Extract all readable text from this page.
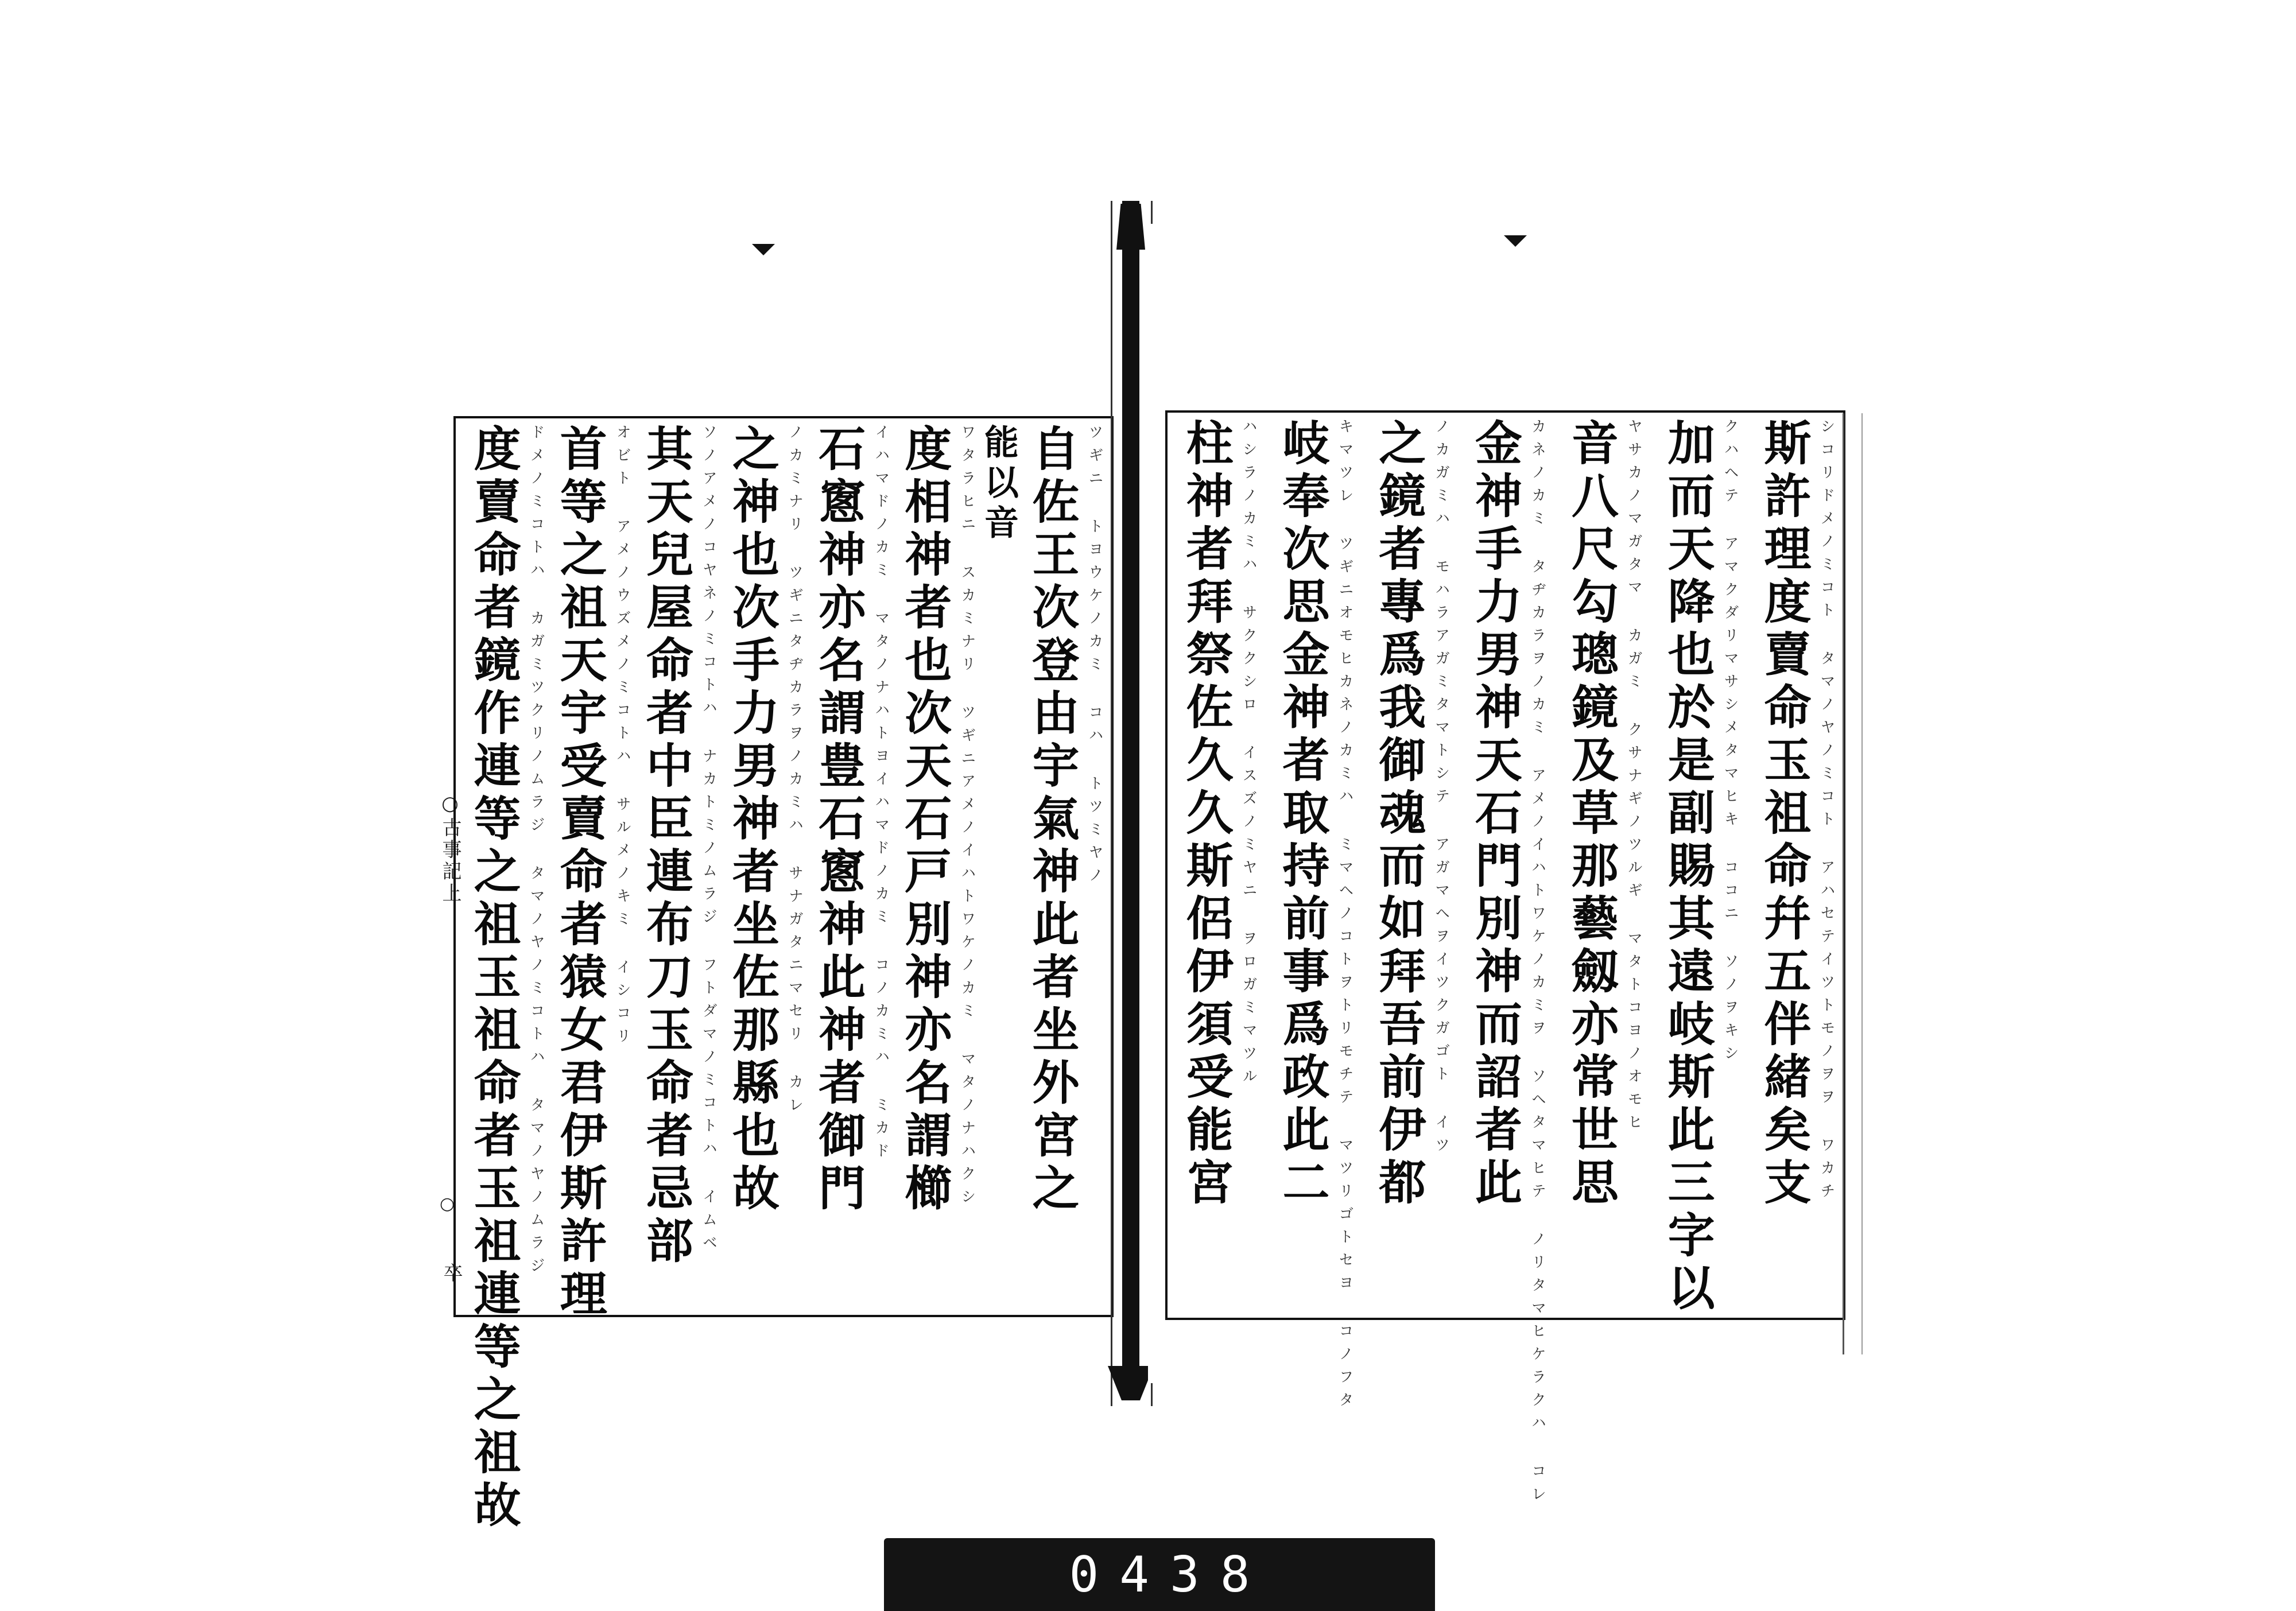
○古事記上
○
卒
ツギニ トヨウケノカミ コハ トツミヤノ
自佐王次登由宇氣神此者坐外宮之
能以音
ワタラヒニ スカミナリ ツギニアメノイハトワケノカミ マタノナハクシ
度相神者也次天石戸別神亦名謂櫛
イハマドノカミ マタノナハトヨイハマドノカミ コノカミハ ミカド
石窻神亦名謂豊石窻神此神者御門
ノカミナリ ツギニタヂカラヲノカミハ サナガタニマセリ カレ
之神也次手力男神者坐佐那縣也故
ソノアメノコヤネノミコトハ ナカトミノムラジ フトダマノミコトハ イムベ
其天兒屋命者中臣連布刀玉命者忌部
オビト アメノウズメノミコトハ サルメノキミ イシコリ
首等之祖天宇受賣命者猿女君伊斯許理
ドメノミコトハ カガミツクリノムラジ タマノヤノミコトハ タマノヤノムラジ
度賣命者鏡作連等之祖玉祖命者玉祖連等之祖故	シコリドメノミコト タマノヤノミコト アハセテイツトモノヲヲ ワカチ
斯許理度賣命玉祖命幷五伴緒矣支
クハヘテ アマクダリマサシメタマヒキ ココニ ソノヲキシ
加而天降也於是副賜其遠岐斯此三字以
ヤサカノマガタマ カガミ クサナギノツルギ マタトコヨノオモヒ
音八尺勾璁鏡及草那藝劔亦常世思
カネノカミ タヂカラヲノカミ アメノイハトワケノカミヲ ソヘタマヒテ ノリタマヒケラクハ コレ
金神手力男神天石門別神而詔者此
ノカガミハ モハラアガミタマトシテ アガマヘヲイツクガゴト イツ
之鏡者專爲我御魂而如拜吾前伊都
キマツレ ツギニオモヒカネノカミハ ミマヘノコトヲトリモチテ マツリゴトセヨ コノフタ
岐奉次思金神者取持前事爲政此二
ハシラノカミハ サククシロ イスズノミヤニ ヲロガミマツル
柱神者拜祭佐久久斯侶伊須受能宮
0438
